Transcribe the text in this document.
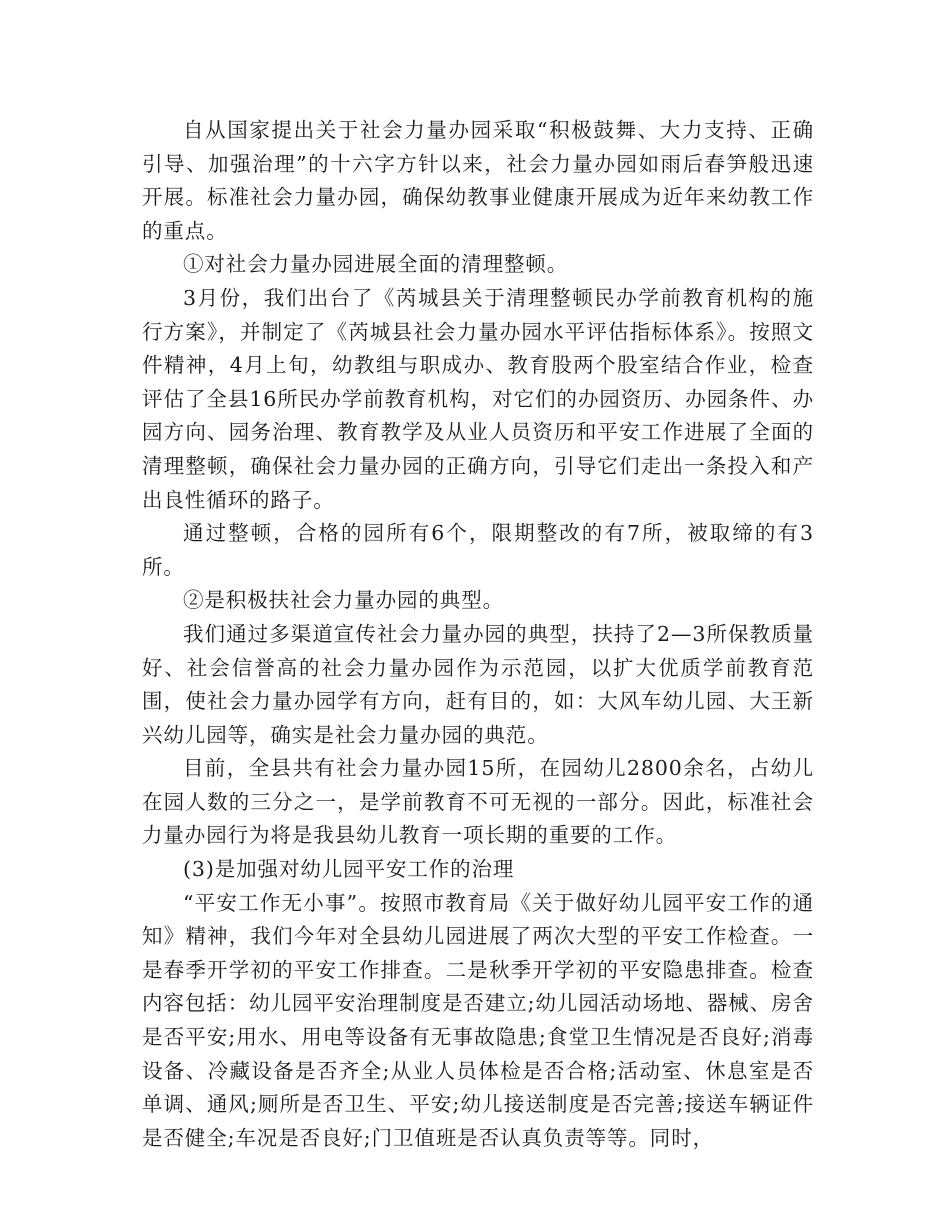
自从国家提出关于社会力量办园采取“积极鼓舞、大力支持、正确引导、加强治理”的十六字方针以来，社会力量办园如雨后春笋般迅速开展。标准社会力量办园，确保幼教事业健康开展成为近年来幼教工作的重点。

①对社会力量办园进展全面的清理整顿。

3月份，我们出台了《芮城县关于清理整顿民办学前教育机构的施行方案》，并制定了《芮城县社会力量办园水平评估指标体系》。按照文件精神，4月上旬，幼教组与职成办、教育股两个股室结合作业，检查评估了全县16所民办学前教育机构，对它们的办园资历、办园条件、办园方向、园务治理、教育教学及从业人员资历和平安工作进展了全面的清理整顿，确保社会力量办园的正确方向，引导它们走出一条投入和产出良性循环的路子。

通过整顿，合格的园所有6个，限期整改的有7所，被取缔的有3所。

②是积极扶社会力量办园的典型。

我们通过多渠道宣传社会力量办园的典型，扶持了2—3所保教质量好、社会信誉高的社会力量办园作为示范园，以扩大优质学前教育范围，使社会力量办园学有方向，赶有目的，如：大风车幼儿园、大王新兴幼儿园等，确实是社会力量办园的典范。

目前，全县共有社会力量办园15所，在园幼儿2800余名，占幼儿在园人数的三分之一，是学前教育不可无视的一部分。因此，标准社会力量办园行为将是我县幼儿教育一项长期的重要的工作。

(3)是加强对幼儿园平安工作的治理

“平安工作无小事”。按照市教育局《关于做好幼儿园平安工作的通知》精神，我们今年对全县幼儿园进展了两次大型的平安工作检查。一是春季开学初的平安工作排查。二是秋季开学初的平安隐患排查。检查内容包括：幼儿园平安治理制度是否建立;幼儿园活动场地、器械、房舍是否平安;用水、用电等设备有无事故隐患;食堂卫生情况是否良好;消毒设备、冷藏设备是否齐全;从业人员体检是否合格;活动室、休息室是否单调、通风;厕所是否卫生、平安;幼儿接送制度是否完善;接送车辆证件是否健全;车况是否良好;门卫值班是否认真负责等等。同时，
